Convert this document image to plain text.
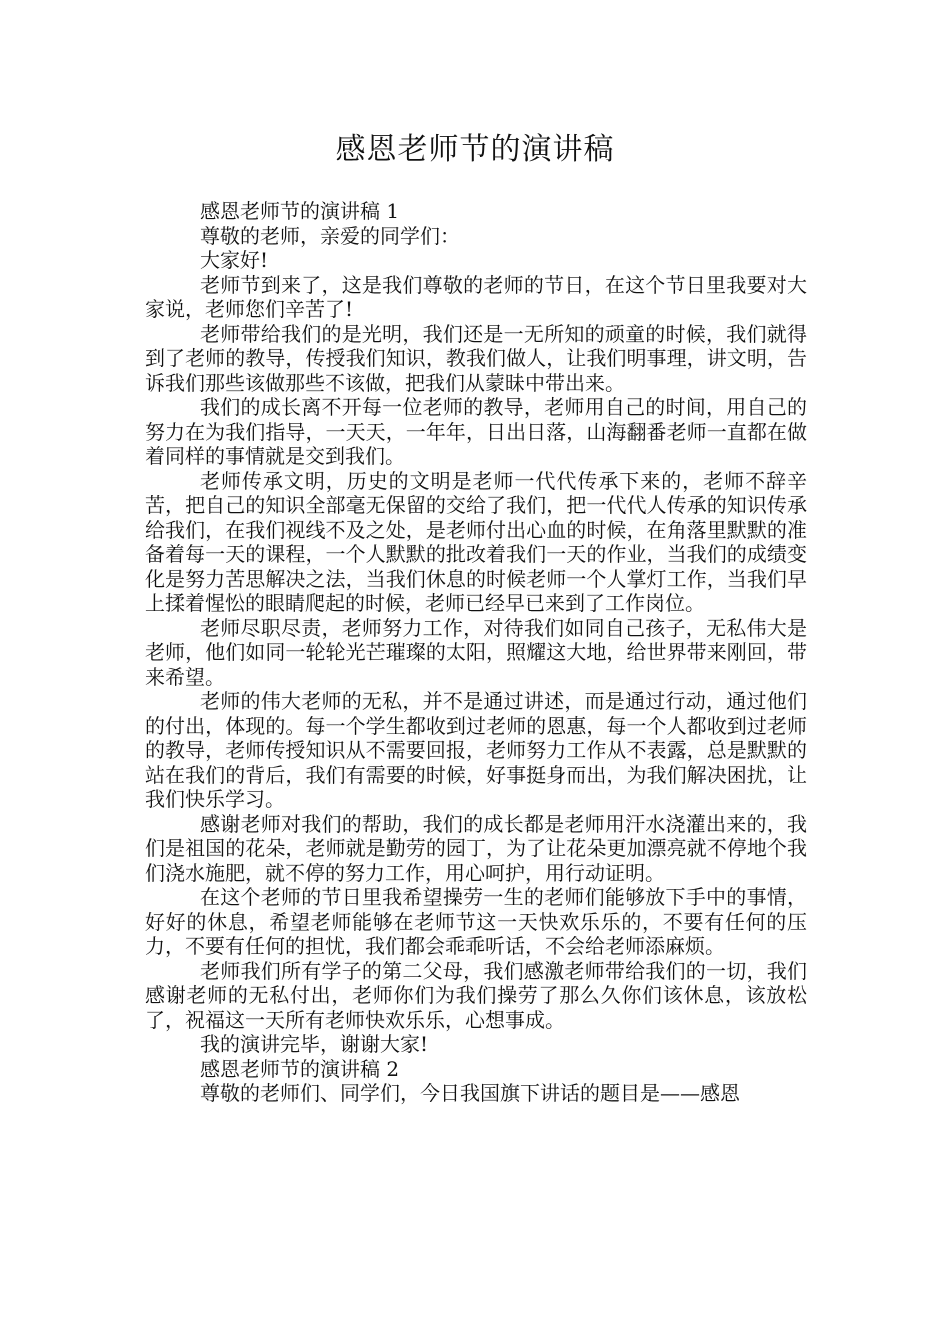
感恩老师节的演讲稿

感恩老师节的演讲稿 1

尊敬的老师，亲爱的同学们：

大家好!

老师节到来了，这是我们尊敬的老师的节日，在这个节日里我要对大家说，老师您们辛苦了!

老师带给我们的是光明，我们还是一无所知的顽童的时候，我们就得到了老师的教导，传授我们知识，教我们做人，让我们明事理，讲文明，告诉我们那些该做那些不该做，把我们从蒙昧中带出来。

我们的成长离不开每一位老师的教导，老师用自己的时间，用自己的努力在为我们指导，一天天，一年年，日出日落，山海翻番老师一直都在做着同样的事情就是交到我们。

老师传承文明，历史的文明是老师一代代传承下来的，老师不辞辛苦，把自己的知识全部毫无保留的交给了我们，把一代代人传承的知识传承给我们，在我们视线不及之处，是老师付出心血的时候，在角落里默默的准备着每一天的课程，一个人默默的批改着我们一天的作业，当我们的成绩变化是努力苦思解决之法，当我们休息的时候老师一个人掌灯工作，当我们早上揉着惺忪的眼睛爬起的时候，老师已经早已来到了工作岗位。

老师尽职尽责，老师努力工作，对待我们如同自己孩子，无私伟大是老师，他们如同一轮轮光芒璀璨的太阳，照耀这大地，给世界带来刚回，带来希望。

老师的伟大老师的无私，并不是通过讲述，而是通过行动，通过他们的付出，体现的。每一个学生都收到过老师的恩惠，每一个人都收到过老师的教导，老师传授知识从不需要回报，老师努力工作从不表露，总是默默的站在我们的背后，我们有需要的时候，好事挺身而出，为我们解决困扰，让我们快乐学习。

感谢老师对我们的帮助，我们的成长都是老师用汗水浇灌出来的，我们是祖国的花朵，老师就是勤劳的园丁，为了让花朵更加漂亮就不停地个我们浇水施肥，就不停的努力工作，用心呵护，用行动证明。

在这个老师的节日里我希望操劳一生的老师们能够放下手中的事情，好好的休息，希望老师能够在老师节这一天快欢乐乐的，不要有任何的压力，不要有任何的担忧，我们都会乖乖听话，不会给老师添麻烦。

老师我们所有学子的第二父母，我们感激老师带给我们的一切，我们感谢老师的无私付出，老师你们为我们操劳了那么久你们该休息，该放松了，祝福这一天所有老师快欢乐乐，心想事成。

我的演讲完毕，谢谢大家!

感恩老师节的演讲稿 2

尊敬的老师们、同学们，今日我国旗下讲话的题目是——感恩
